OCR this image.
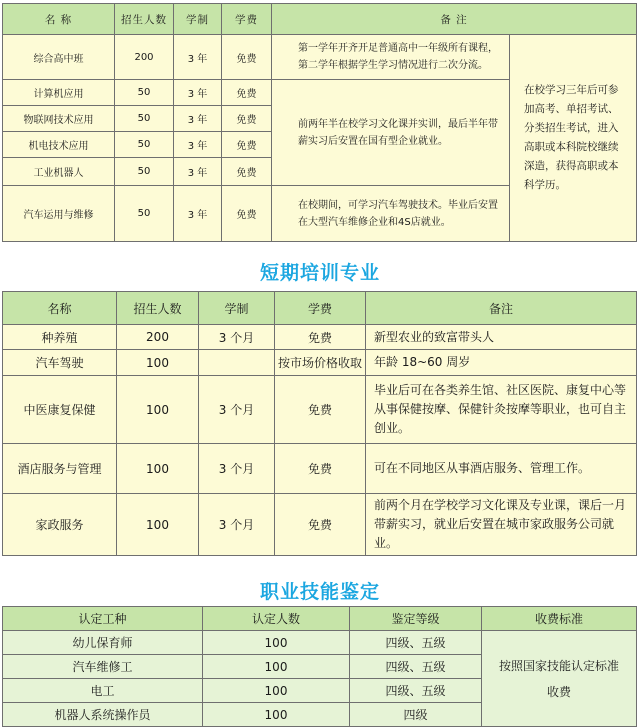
名 称	招生人数	学制	学费	备 注	
综合高中班	200	3 年	免费	第一学年开齐开足普通高中一年级所有课程，第二学年根据学生学习情况进行二次分流。	在校学习三年后可参加高考、单招考试、分类招生考试，进入高职或本科院校继续深造，获得高职或本科学历。
计算机应用	50	3 年	免费	前两年半在校学习文化课并实训，最后半年带薪实习后安置在国有型企业就业。	
物联网技术应用	50	3 年	免费		
机电技术应用	50	3 年	免费		
工业机器人	50	3 年	免费		
汽车运用与维修	50	3 年	免费	在校期间，可学习汽车驾驶技术。毕业后安置在大型汽车维修企业和4S店就业。	
短期培训专业
名称	招生人数	学制	学费	备注
种养殖	200	3 个月	免费	新型农业的致富带头人
汽车驾驶	100		按市场价格收取	年龄 18~60 周岁
中医康复保健	100	3 个月	免费	毕业后可在各类养生馆、社区医院、康复中心等从事保健按摩、保健针灸按摩等职业，也可自主创业。
酒店服务与管理	100	3 个月	免费	可在不同地区从事酒店服务、管理工作。
家政服务	100	3 个月	免费	前两个月在学校学习文化课及专业课，课后一月带薪实习，就业后安置在城市家政服务公司就业。
职业技能鉴定
认定工种	认定人数	鉴定等级	收费标准
幼儿保育师	100	四级、五级	按照国家技能认定标准收费
汽车维修工	100	四级、五级	
电工	100	四级、五级	
机器人系统操作员	100	四级	
